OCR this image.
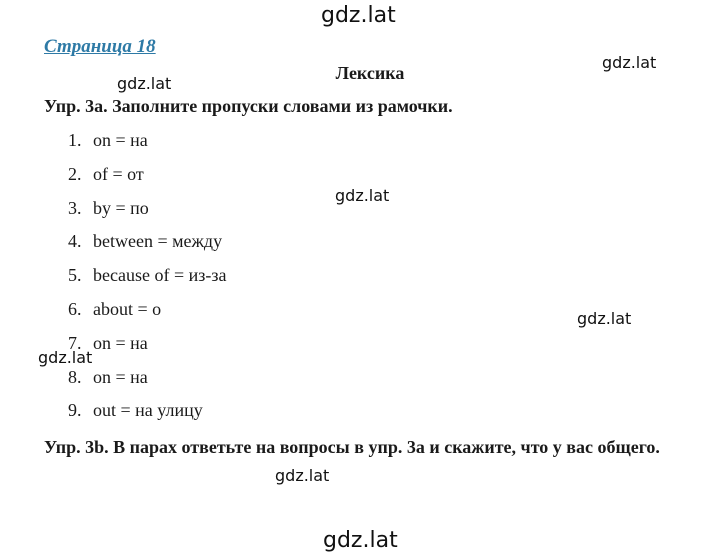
Страница 18
Лексика
Упр. 3а. Заполните пропуски словами из рамочки.
1. on = на
2. of = от
3. by = по
4. between = между
5. because of = из-за
6. about = о
7. on = на
8. on = на
9. out = на улицу
Упр. 3b. В парах ответьте на вопросы в упр. 3а и скажите, что у вас общего.
gdz.lat
gdz.lat
gdz.lat
gdz.lat
gdz.lat
gdz.lat
gdz.lat
gdz.lat
